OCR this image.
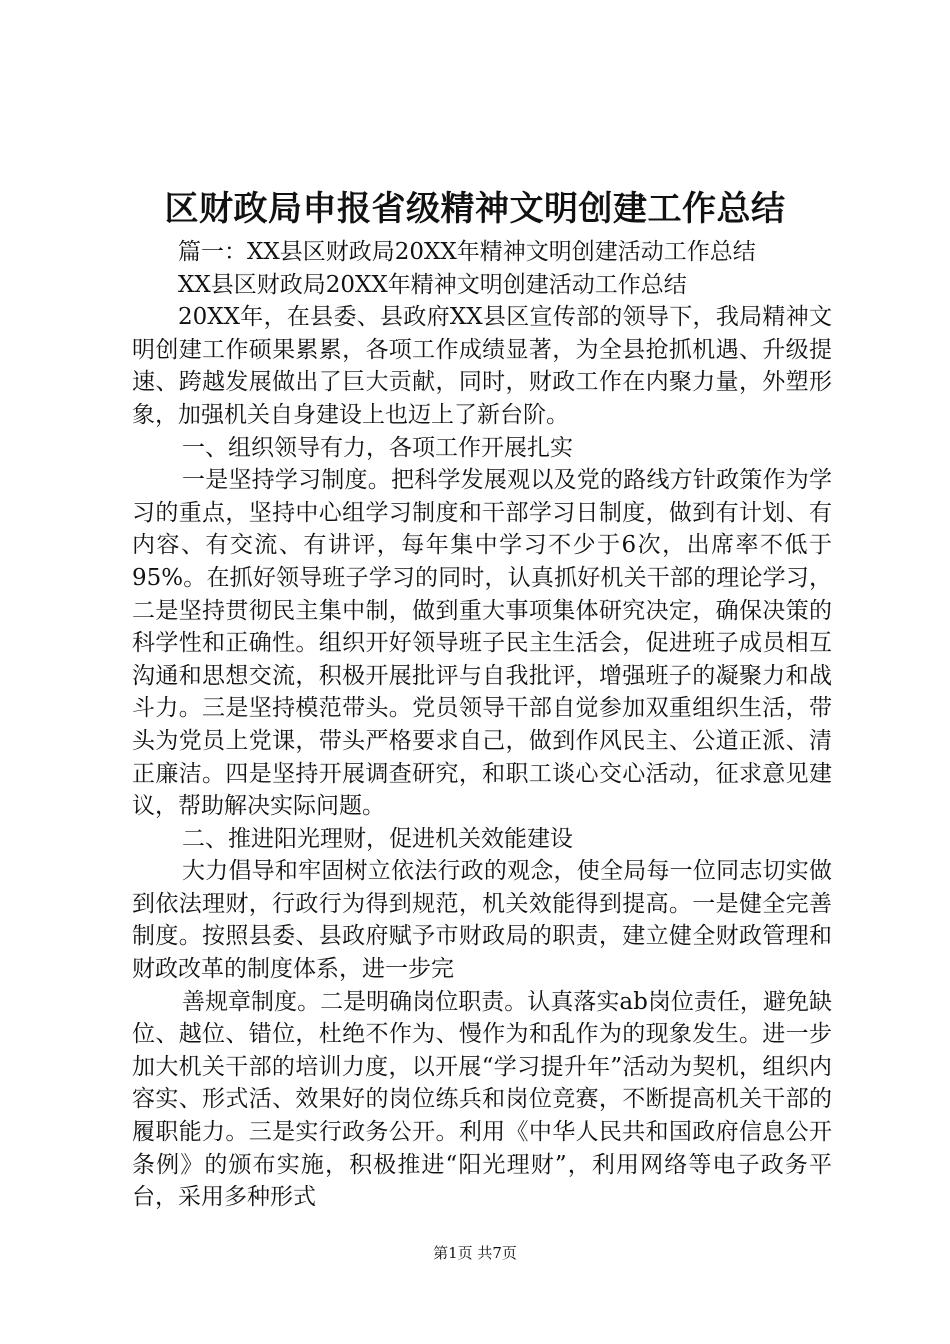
区财政局申报省级精神文明创建工作总结

篇一：XX县区财政局20XX年精神文明创建活动工作总结

XX县区财政局20XX年精神文明创建活动工作总结

20XX年，在县委、县政府XX县区宣传部的领导下，我局精神文明创建工作硕果累累，各项工作成绩显著，为全县抢抓机遇、升级提速、跨越发展做出了巨大贡献，同时，财政工作在内聚力量，外塑形象，加强机关自身建设上也迈上了新台阶。

一、组织领导有力，各项工作开展扎实

一是坚持学习制度。把科学发展观以及党的路线方针政策作为学习的重点，坚持中心组学习制度和干部学习日制度，做到有计划、有内容、有交流、有讲评，每年集中学习不少于6次，出席率不低于95%。在抓好领导班子学习的同时，认真抓好机关干部的理论学习，二是坚持贯彻民主集中制，做到重大事项集体研究决定，确保决策的科学性和正确性。组织开好领导班子民主生活会，促进班子成员相互沟通和思想交流，积极开展批评与自我批评，增强班子的凝聚力和战斗力。三是坚持模范带头。党员领导干部自觉参加双重组织生活，带头为党员上党课，带头严格要求自己，做到作风民主、公道正派、清正廉洁。四是坚持开展调查研究，和职工谈心交心活动，征求意见建议，帮助解决实际问题。

二、推进阳光理财，促进机关效能建设

大力倡导和牢固树立依法行政的观念，使全局每一位同志切实做到依法理财，行政行为得到规范，机关效能得到提高。一是健全完善制度。按照县委、县政府赋予市财政局的职责，建立健全财政管理和财政改革的制度体系，进一步完

善规章制度。二是明确岗位职责。认真落实ab岗位责任，避免缺位、越位、错位，杜绝不作为、慢作为和乱作为的现象发生。进一步加大机关干部的培训力度，以开展“学习提升年”活动为契机，组织内容实、形式活、效果好的岗位练兵和岗位竞赛，不断提高机关干部的履职能力。三是实行政务公开。利用《中华人民共和国政府信息公开条例》的颁布实施，积极推进“阳光理财”，利用网络等电子政务平台，采用多种形式

第1页 共7页
